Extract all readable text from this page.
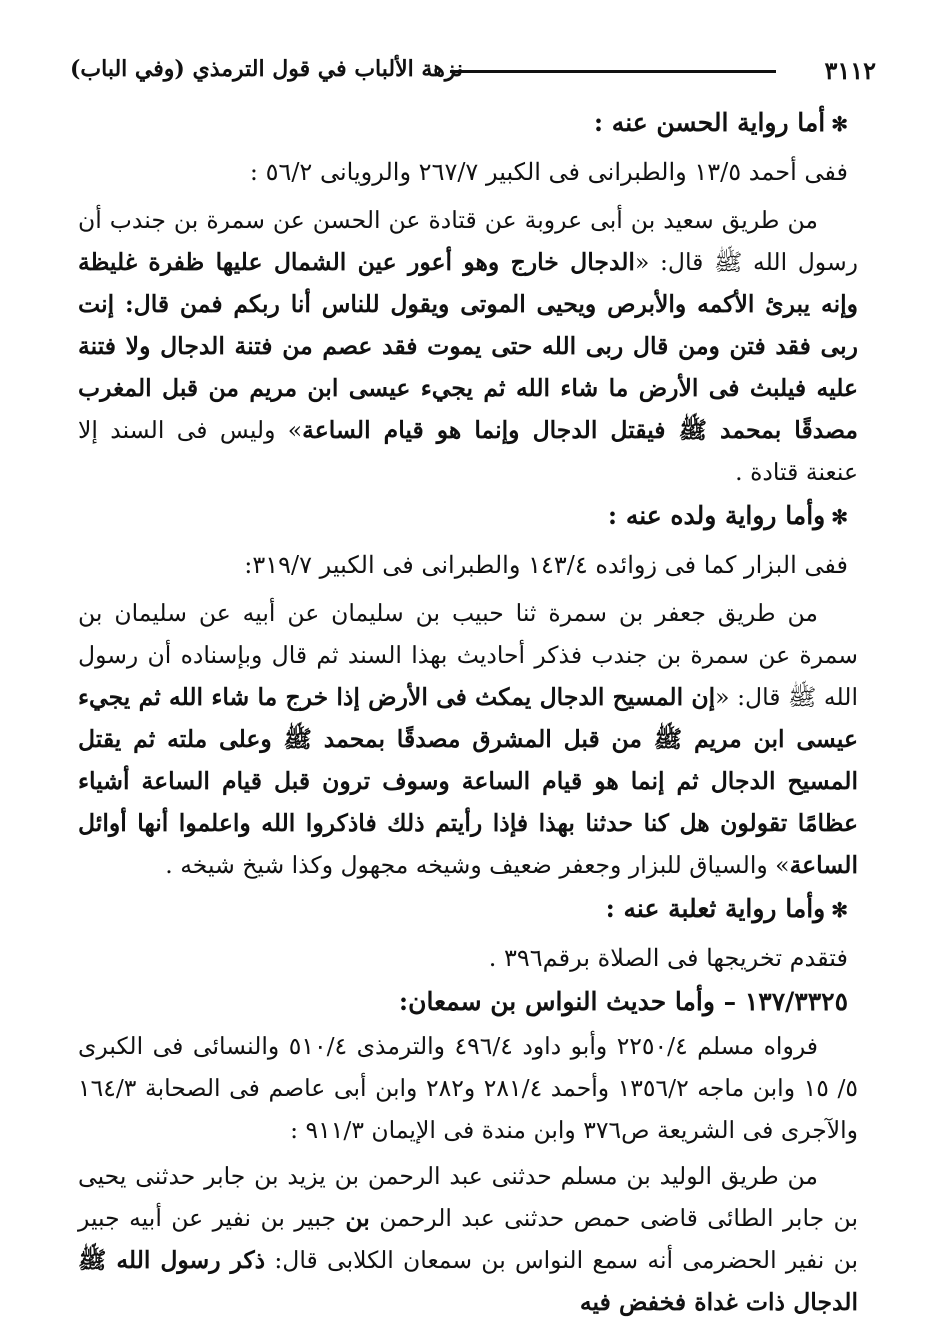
٣١١٢
نزهة الألباب في قول الترمذي (وفي الباب)

✻أما رواية الحسن عنه :

ففى أحمد ١٣/٥ والطبرانى فى الكبير ٢٦٧/٧ والرويانى ٥٦/٢ :

من طريق سعيد بن أبى عروبة عن قتادة عن الحسن عن سمرة بن جندب أن رسول الله ﷺ قال: «الدجال خارج وهو أعور عين الشمال عليها ظفرة غليظة وإنه يبرئ الأكمه والأبرص ويحيى الموتى ويقول للناس أنا ربكم فمن قال: إنت ربى فقد فتن ومن قال ربى الله حتى يموت فقد عصم من فتنة الدجال ولا فتنة عليه فيلبث فى الأرض ما شاء الله ثم يجيء عيسى ابن مريم من قبل المغرب مصدقًا بمحمد ﷺ فيقتل الدجال وإنما هو قيام الساعة» وليس فى السند إلا عنعنة قتادة .

✻وأما رواية ولده عنه :

ففى البزار كما فى زوائده ١٤٣/٤ والطبرانى فى الكبير ٣١٩/٧:

من طريق جعفر بن سمرة ثنا حبيب بن سليمان عن أبيه عن سليمان بن سمرة عن سمرة بن جندب فذكر أحاديث بهذا السند ثم قال وبإسناده أن رسول الله ﷺ قال: «إن المسيح الدجال يمكث فى الأرض إذا خرج ما شاء الله ثم يجيء عيسى ابن مريم ﷺ من قبل المشرق مصدقًا بمحمد ﷺ وعلى ملته ثم يقتل المسيح الدجال ثم إنما هو قيام الساعة وسوف ترون قبل قيام الساعة أشياء عظامًا تقولون هل كنا حدثنا بهذا فإذا رأيتم ذلك فاذكروا الله واعلموا أنها أوائل الساعة» والسياق للبزار وجعفر ضعيف وشيخه مجهول وكذا شيخ شيخه .

✻وأما رواية ثعلبة عنه :

فتقدم تخريجها فى الصلاة برقم٣٩٦ .

١٣٧/٣٣٢٥ – وأما حديث النواس بن سمعان:

فرواه مسلم ٢٢٥٠/٤ وأبو داود ٤٩٦/٤ والترمذى ٥١٠/٤ والنسائى فى الكبرى ٥/ ١٥ وابن ماجه ١٣٥٦/٢ وأحمد ٢٨١/٤ و٢٨٢ وابن أبى عاصم فى الصحابة ١٦٤/٣ والآجرى فى الشريعة ص٣٧٦ وابن مندة فى الإيمان ٩١١/٣ :

من طريق الوليد بن مسلم حدثنى عبد الرحمن بن يزيد بن جابر حدثنى يحيى بن جابر الطائى قاضى حمص حدثنى عبد الرحمن بن جبير بن نفير عن أبيه جبير بن نفير الحضرمى أنه سمع النواس بن سمعان الكلابى قال: ذكر رسول الله ﷺ الدجال ذات غداة فخفض فيه
